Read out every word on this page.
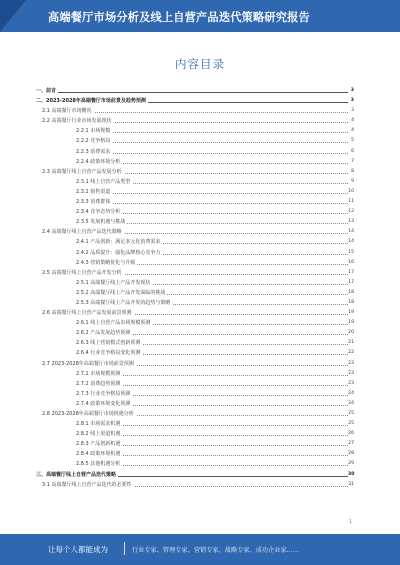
高端餐厅市场分析及线上自营产品迭代策略研究报告
内容目录
一、前言	3
二、2023-2028年高端餐厅市场前景及趋势预测	3
2.1 高端餐厅市场概况	3
2.2 高端餐厅行业市场发展现状	4
2.2.1 市场规模	4
2.2.2 竞争格局	5
2.2.3 消费需求	6
2.2.4 政策环境分析	7
2.3 高端餐厅线上自营产品发展分析	8
2.3.1 线上自营产品类型	9
2.3.2 销售渠道	10
2.3.3 消费群体	11
2.3.4 竞争态势分析	12
2.3.5 发展机遇与挑战	13
2.4 高端餐厅线上自营产品迭代策略	14
2.4.1 产品创新：满足多元化消费需求	14
2.4.2 品质提升：强化品牌核心竞争力	15
2.4.3 营销策略优化与升级	16
2.5 高端餐厅线上自营产品开发分析	17
2.5.1 高端餐厅线上产品开发现状	17
2.5.2 高端餐厅线上产品开发面临的挑战	18
2.5.3 高端餐厅线上产品开发的趋势与策略	18
2.6 高端餐厅线上自营产品发展前景预测	19
2.6.1 线上自营产品市场规模预测	19
2.6.2 产品发展趋势预测	20
2.6.3 线上营销模式创新预测	21
2.6.4 行业竞争格局变化预测	22
2.7 2023-2028年高端餐厅市场前景预测	23
2.7.1 市场规模预测	23
2.7.2 消费趋势预测	23
2.7.3 行业竞争格局预测	24
2.7.4 政策环境变化预测	24
2.8 2023-2028年高端餐厅市场机遇分析	25
2.8.1 市场需求机遇	25
2.8.2 线上渠道机遇	26
2.8.3 产品创新机遇	27
2.8.4 政策环境机遇	28
2.8.5 其他机遇分析	29
三、高端餐厅线上自营产品迭代策略	30
3.1 高端餐厅线上自营产品迭代的必要性	31
1
让每个人都能成为	行业专家、管理专家、营销专家、战略专家、成功企业家……
